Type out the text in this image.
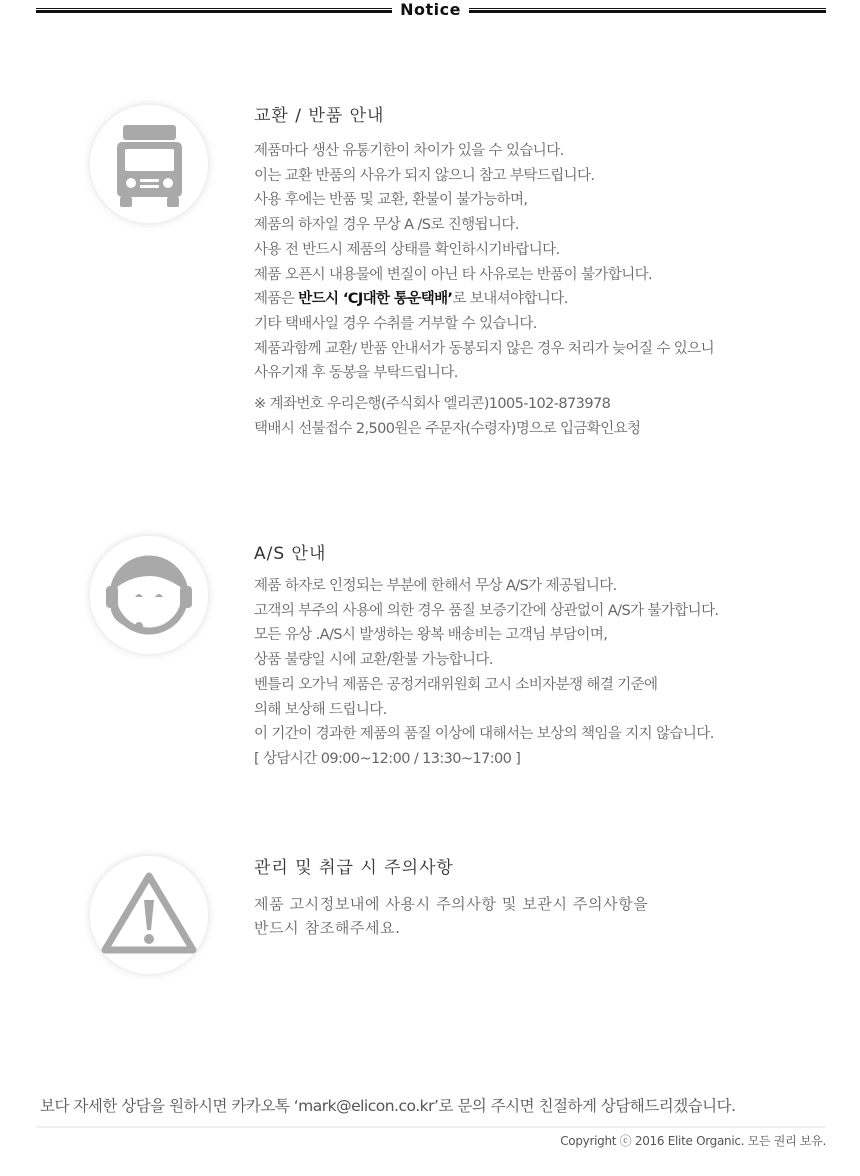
Notice
교환 / 반품 안내
제품마다 생산 유통기한이 차이가 있을 수 있습니다.
이는 교환 반품의 사유가 되지 않으니 참고 부탁드립니다.
사용 후에는 반품 및 교환, 환불이 불가능하며,
제품의 하자일 경우 무상 A /S로 진행됩니다.
사용 전 반드시 제품의 상태를 확인하시기바랍니다.
제품 오픈시 내용물에 변질이 아닌 타 사유로는 반품이 불가합니다.
제품은 반드시 ‘CJ대한 통운택배’로 보내셔야합니다.
기타 택배사일 경우 수취를 거부할 수 있습니다.
제품과함께 교환/ 반품 안내서가 동봉되지 않은 경우 처리가 늦어질 수 있으니
사유기재 후 동봉을 부탁드립니다.
※ 계좌번호 우리은행(주식회사 엘리콘)1005-102-873978
택배시 선불접수 2,500원은 주문자(수령자)명으로 입금확인요청
A/S 안내
제품 하자로 인정되는 부분에 한해서 무상 A/S가 제공됩니다.
고객의 부주의 사용에 의한 경우 품질 보증기간에 상관없이 A/S가 불가합니다.
모든 유상 .A/S시 발생하는 왕복 배송비는 고객님 부담이며,
상품 불량일 시에 교환/환불 가능합니다.
벤틀리 오가닉 제품은 공정거래위원회 고시 소비자분쟁 해결 기준에
의해 보상해 드립니다.
이 기간이 경과한 제품의 품질 이상에 대해서는 보상의 책임을 지지 않습니다.
[ 상담시간 09:00~12:00 / 13:30~17:00 ]
관리 및 취급 시 주의사항
제품 고시정보내에 사용시 주의사항 및 보관시 주의사항을
반드시 참조해주세요.
보다 자세한 상담을 원하시면 카카오톡 ‘mark@elicon.co.kr’로 문의 주시면 친절하게 상담해드리겠습니다.
Copyright ⓒ 2016 Elite Organic. 모든 권리 보유.
